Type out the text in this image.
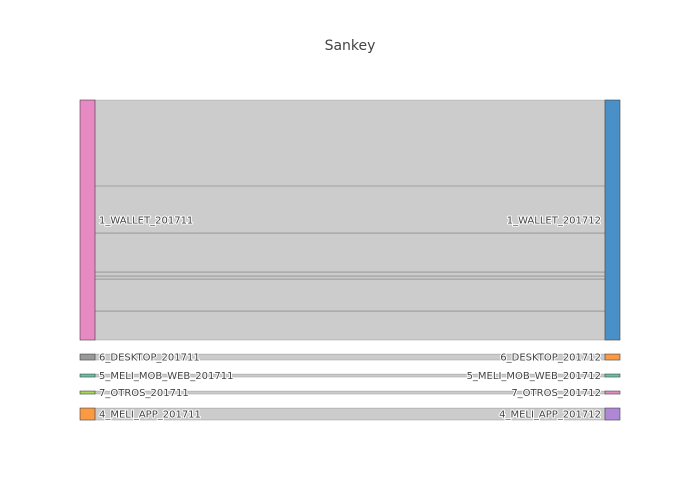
Sankey
1_WALLET_201711
6_DESKTOP_201711
5_MELI_MOB_WEB_201711
7_OTROS_201711
4_MELI_APP_201711
1_WALLET_201712
6_DESKTOP_201712
5_MELI_MOB_WEB_201712
7_OTROS_201712
4_MELI_APP_201712
